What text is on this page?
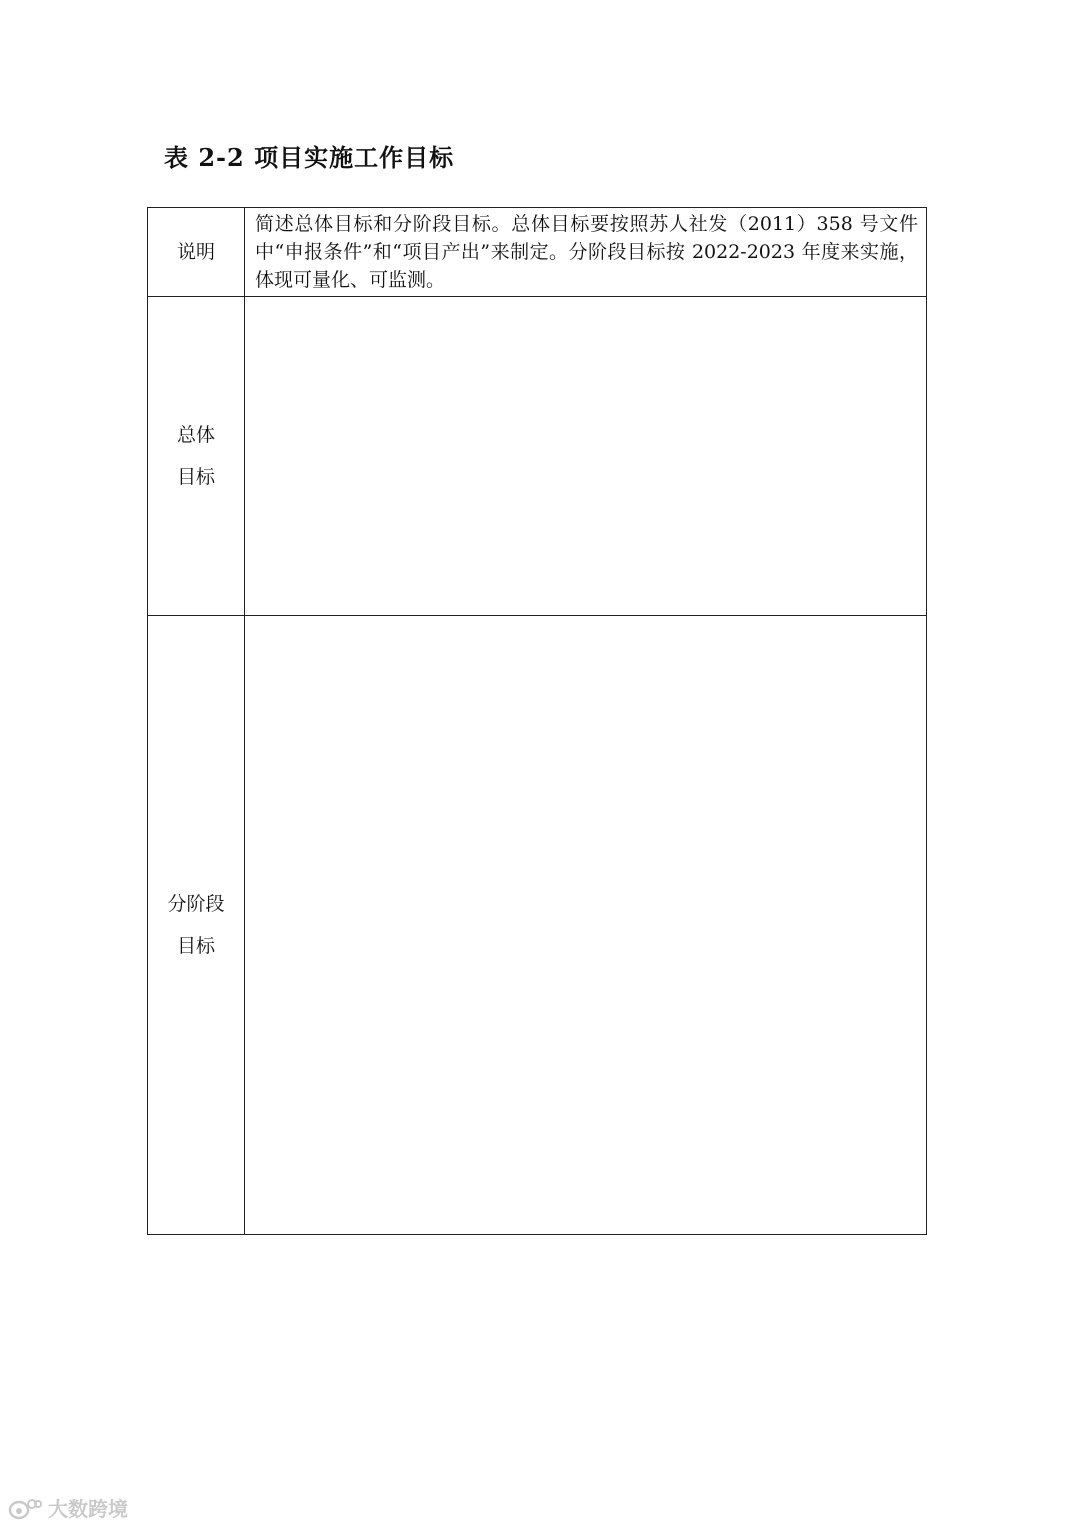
表 2-2 项目实施工作目标
说明	简述总体目标和分阶段目标。总体目标要按照苏人社发（2011）358 号文件中“申报条件”和“项目产出”来制定。分阶段目标按 2022-2023 年度来实施，体现可量化、可监测。

总体
目标	

分阶段
目标	

大数跨境
